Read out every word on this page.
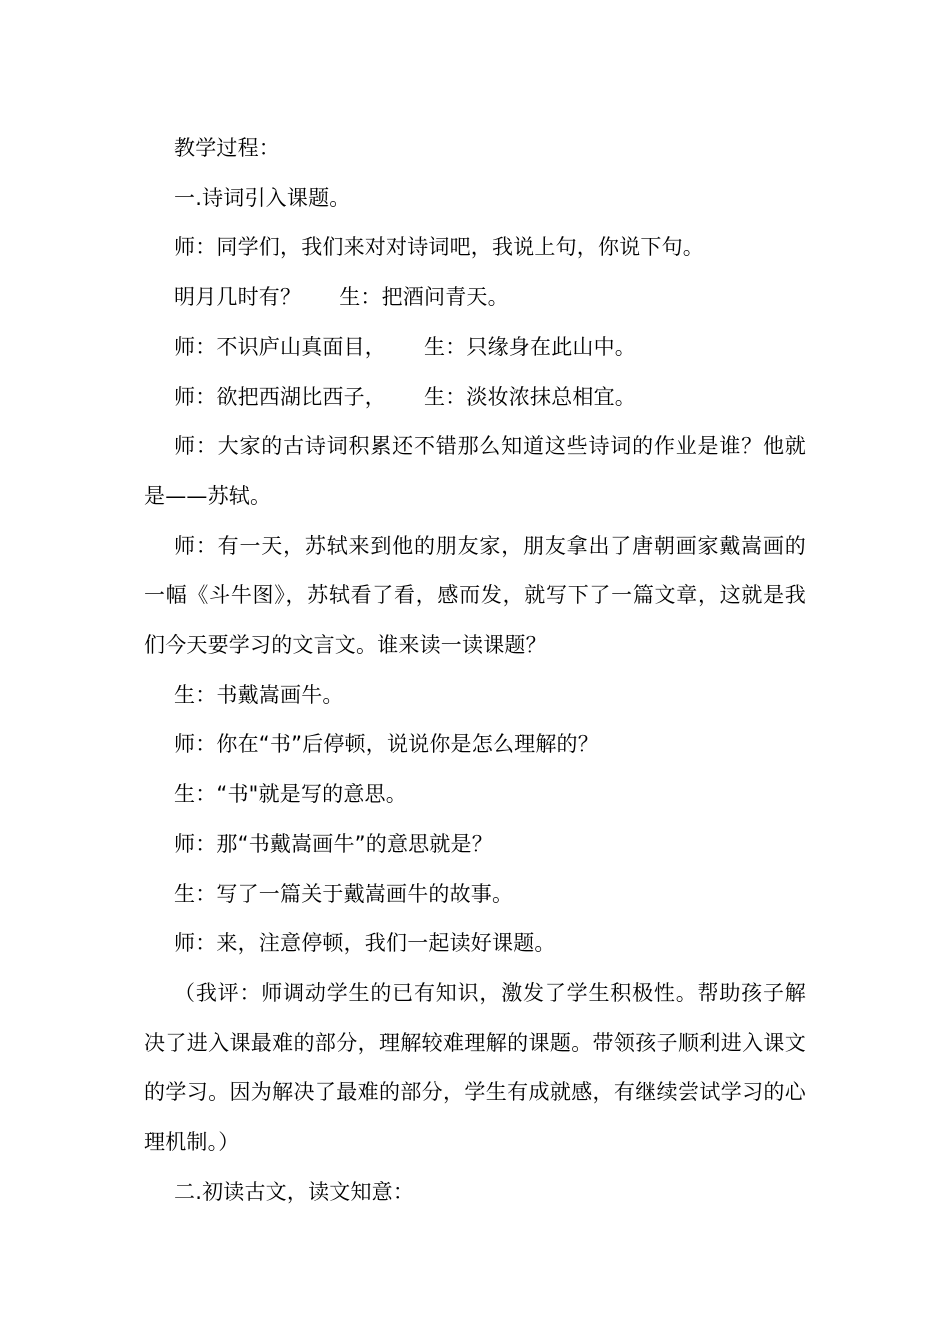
教学过程：

一.诗词引入课题。

师：同学们，我们来对对诗词吧，我说上句，你说下句。

明月几时有？ 生：把酒问青天。

师：不识庐山真面目， 生：只缘身在此山中。

师：欲把西湖比西子， 生：淡妆浓抹总相宜。

师：大家的古诗词积累还不错那么知道这些诗词的作业是谁？他就是——苏轼。

师：有一天，苏轼来到他的朋友家，朋友拿出了唐朝画家戴嵩画的一幅《斗牛图》，苏轼看了看，感而发，就写下了一篇文章，这就是我们今天要学习的文言文。谁来读一读课题？

生：书戴嵩画牛。

师：你在“书”后停顿，说说你是怎么理解的？

生：“书"就是写的意思。

师：那“书戴嵩画牛”的意思就是？

生：写了一篇关于戴嵩画牛的故事。

师：来，注意停顿，我们一起读好课题。

（我评：师调动学生的已有知识，激发了学生积极性。帮助孩子解决了进入课最难的部分，理解较难理解的课题。带领孩子顺利进入课文的学习。因为解决了最难的部分，学生有成就感，有继续尝试学习的心理机制。）

二.初读古文，读文知意：
